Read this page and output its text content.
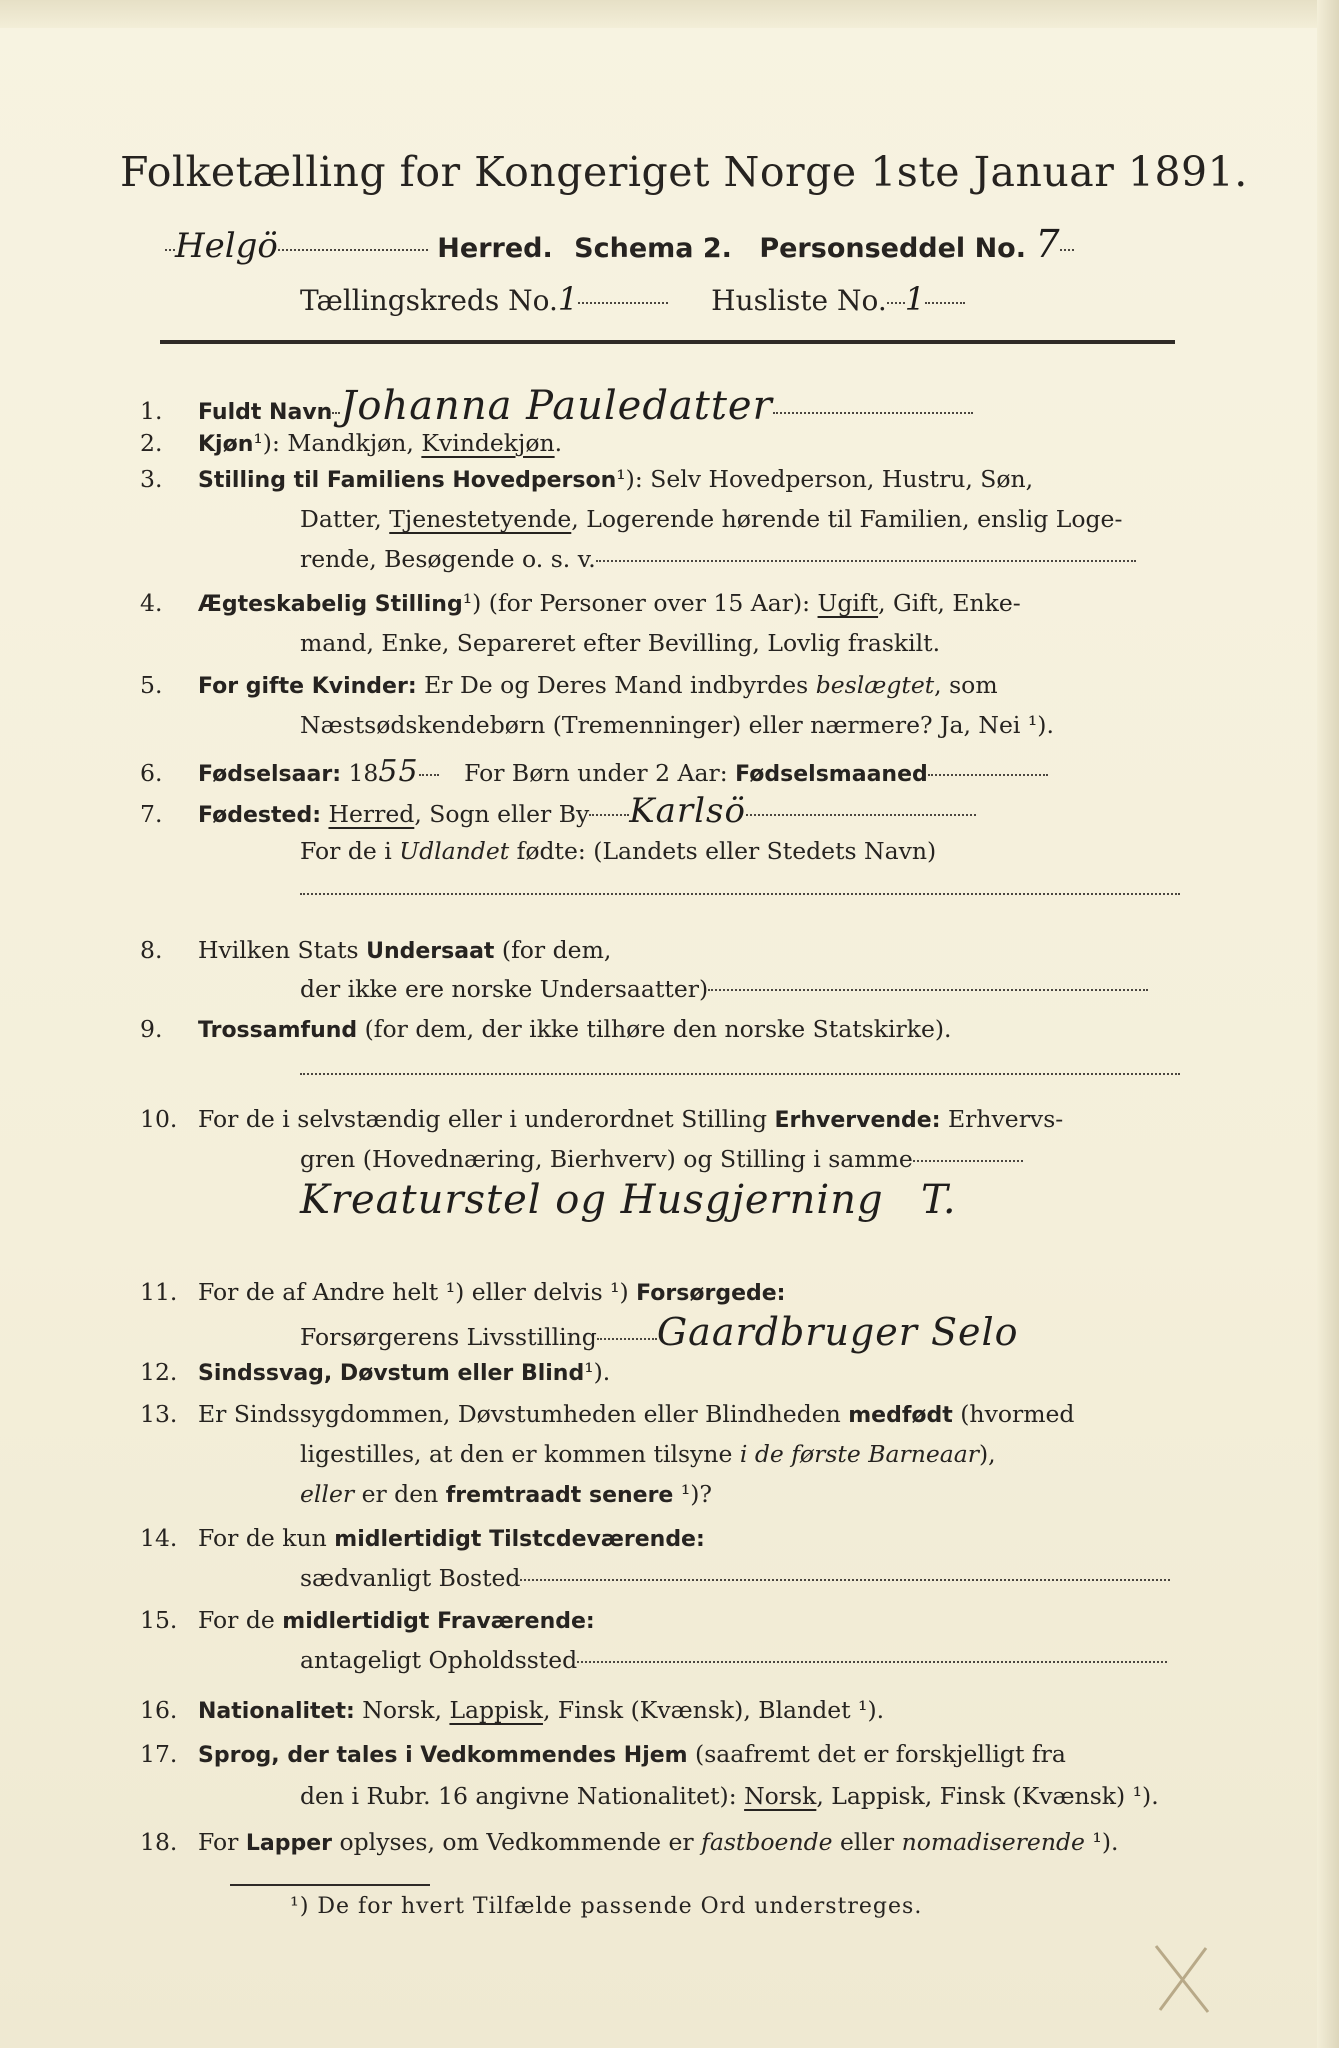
Folketælling for Kongeriget Norge 1ste Januar 1891.
Helgö	Herred. Schema 2. Personseddel No. 7
Tællingskreds No.1	Husliste No. 1
1. Fuldt Navn Johanna Pauledatter
2. Kjøn¹): Mandkjøn, Kvindekjøn.
3. Stilling til Familiens Hovedperson¹): Selv Hovedperson, Hustru, Søn,
Datter, Tjenestetyende, Logerende hørende til Familien, enslig Loge-
rende, Besøgende o. s. v.
4. Ægteskabelig Stilling¹) (for Personer over 15 Aar): Ugift, Gift, Enke-
mand, Enke, Separeret efter Bevilling, Lovlig fraskilt.
5. For gifte Kvinder: Er De og Deres Mand indbyrdes beslægtet, som
Næstsødskendebørn (Tremenninger) eller nærmere? Ja, Nei ¹).
6. Fødselsaar: 1855 For Børn under 2 Aar: Fødselsmaaned
7. Fødested: Herred, Sogn eller By Karlsö
For de i Udlandet fødte: (Landets eller Stedets Navn)
8. Hvilken Stats Undersaat (for dem,
der ikke ere norske Undersaatter)
9. Trossamfund (for dem, der ikke tilhøre den norske Statskirke).
10. For de i selvstændig eller i underordnet Stilling Erhvervende: Erhvervs-
gren (Hovednæring, Bierhverv) og Stilling i samme
Kreaturstel og Husgjerning T.
11. For de af Andre helt ¹) eller delvis ¹) Forsørgede:
Forsørgerens Livsstilling Gaardbruger Selo
12. Sindssvag, Døvstum eller Blind¹).
13. Er Sindssygdommen, Døvstumheden eller Blindheden medfødt (hvormed
ligestilles, at den er kommen tilsyne i de første Barneaar),
eller er den fremtraadt senere ¹)?
14. For de kun midlertidigt Tilstcdeværende:
sædvanligt Bosted
15. For de midlertidigt Fraværende:
antageligt Opholdssted
16. Nationalitet: Norsk, Lappisk, Finsk (Kvænsk), Blandet ¹).
17. Sprog, der tales i Vedkommendes Hjem (saafremt det er forskjelligt fra
den i Rubr. 16 angivne Nationalitet): Norsk, Lappisk, Finsk (Kvænsk) ¹).
18. For Lapper oplyses, om Vedkommende er fastboende eller nomadiserende ¹).
¹) De for hvert Tilfælde passende Ord understreges.
